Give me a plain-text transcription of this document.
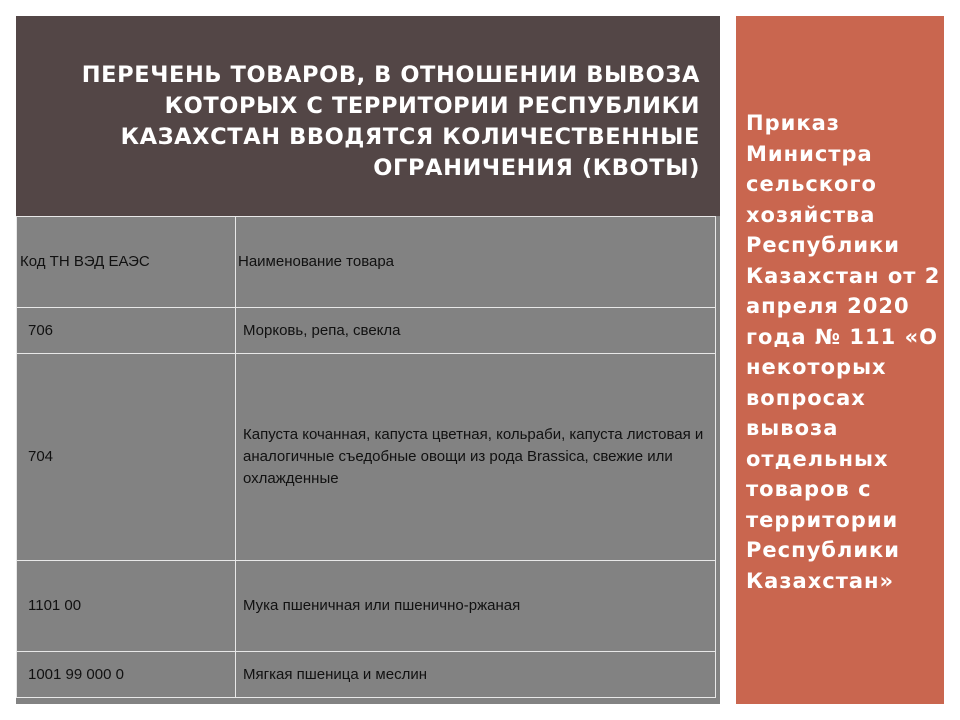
ПЕРЕЧЕНЬ ТОВАРОВ, В ОТНОШЕНИИ ВЫВОЗА КОТОРЫХ С ТЕРРИТОРИИ РЕСПУБЛИКИ КАЗАХСТАН ВВОДЯТСЯ КОЛИЧЕСТВЕННЫЕ ОГРАНИЧЕНИЯ (КВОТЫ)
Код ТН ВЭД ЕАЭС	Наименование товара
706	Морковь, репа, свекла
704	Капуста кочанная, капуста цветная, кольраби, капуста листовая и аналогичные съедобные овощи из рода Brassica, свежие или охлажденные
1101 00	Мука пшеничная или пшенично-ржаная
1001 99 000 0	Мягкая пшеница и меслин

Приказ Министра сельского хозяйства Республики Казахстан от 2 апреля 2020 года № 111 «О некоторых вопросах вывоза отдельных товаров с территории Республики Казахстан»
